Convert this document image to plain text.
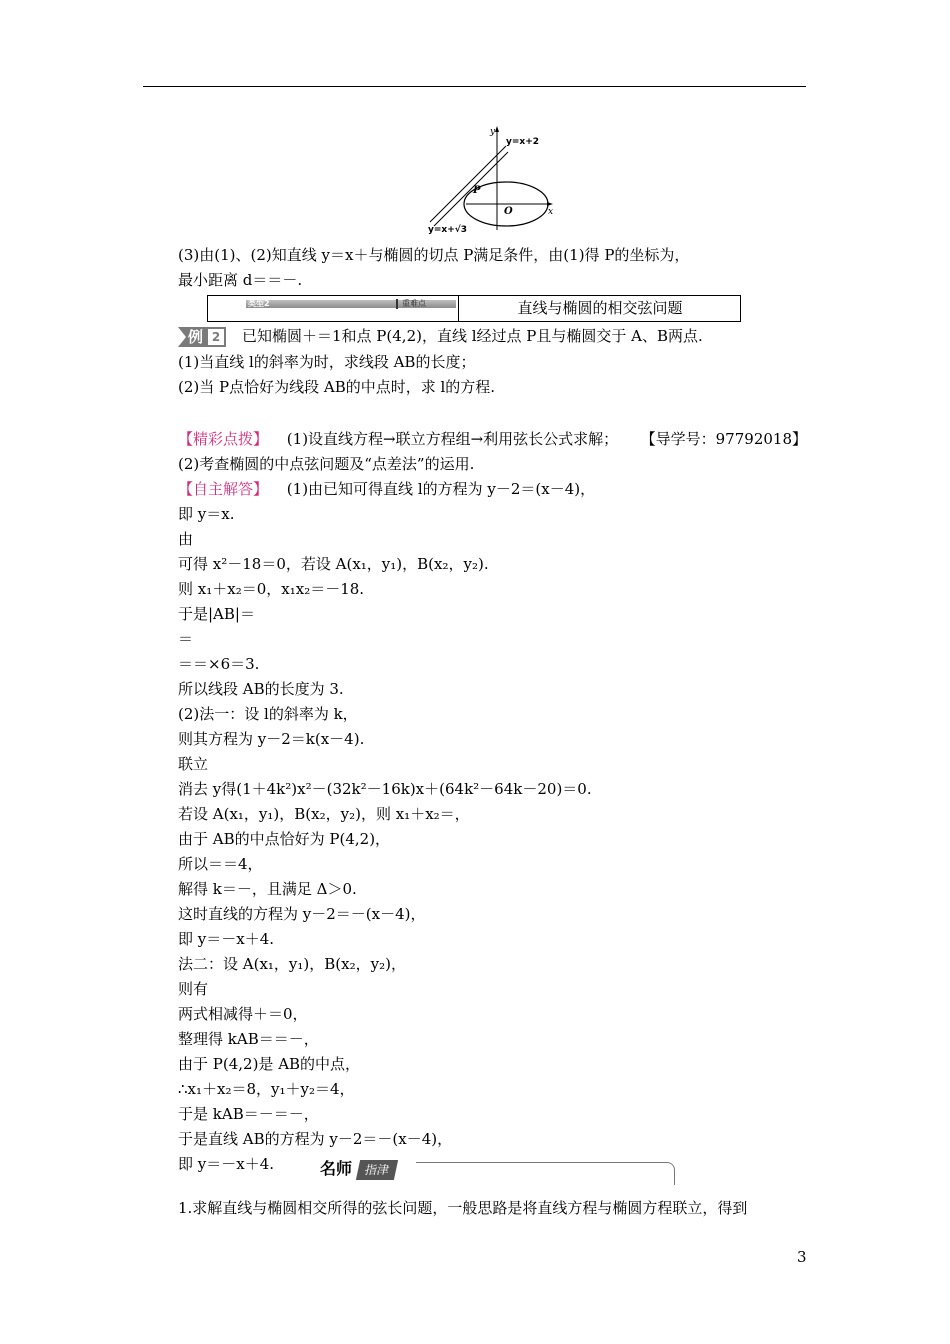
y
y=x+2
P
O	x
y=x+√3
(3)由(1)、(2)知直线 y＝x＋与椭圆的切点 P满足条件，由(1)得 P的坐标为，
最小距离 d＝＝－.
类型2	重难点	直线与椭圆的相交弦问题
例 2 已知椭圆＋＝1和点 P(4,2)，直线 l经过点 P且与椭圆交于 A、B两点.
(1)当直线 l的斜率为时，求线段 AB的长度；
(2)当 P点恰好为线段 AB的中点时，求 l的方程.
【导学号：97792018】
【精彩点拨】 (1)设直线方程→联立方程组→利用弦长公式求解；
(2)考查椭圆的中点弦问题及“点差法”的运用.
【自主解答】 (1)由已知可得直线 l的方程为 y－2＝(x－4)，
即 y＝x.
由
可得 x²－18＝0，若设 A(x₁，y₁)，B(x₂，y₂).
则 x₁＋x₂＝0，x₁x₂＝－18.
于是|AB|＝
＝
＝＝×6＝3.
所以线段 AB的长度为 3.
(2)法一：设 l的斜率为 k，
则其方程为 y－2＝k(x－4).
联立
消去 y得(1＋4k²)x²－(32k²－16k)x＋(64k²－64k－20)＝0.
若设 A(x₁，y₁)，B(x₂，y₂)，则 x₁＋x₂＝，
由于 AB的中点恰好为 P(4,2)，
所以＝＝4，
解得 k＝－，且满足 Δ＞0.
这时直线的方程为 y－2＝－(x－4)，
即 y＝－x＋4.
法二：设 A(x₁，y₁)，B(x₂，y₂)，
则有
两式相减得＋＝0，
整理得 kAB＝＝－，
由于 P(4,2)是 AB的中点，
∴x₁＋x₂＝8，y₁＋y₂＝4，
于是 kAB＝－＝－，
于是直线 AB的方程为 y－2＝－(x－4)，
即 y＝－x＋4.	名师 指津
1.求解直线与椭圆相交所得的弦长问题，一般思路是将直线方程与椭圆方程联立，得到
3
